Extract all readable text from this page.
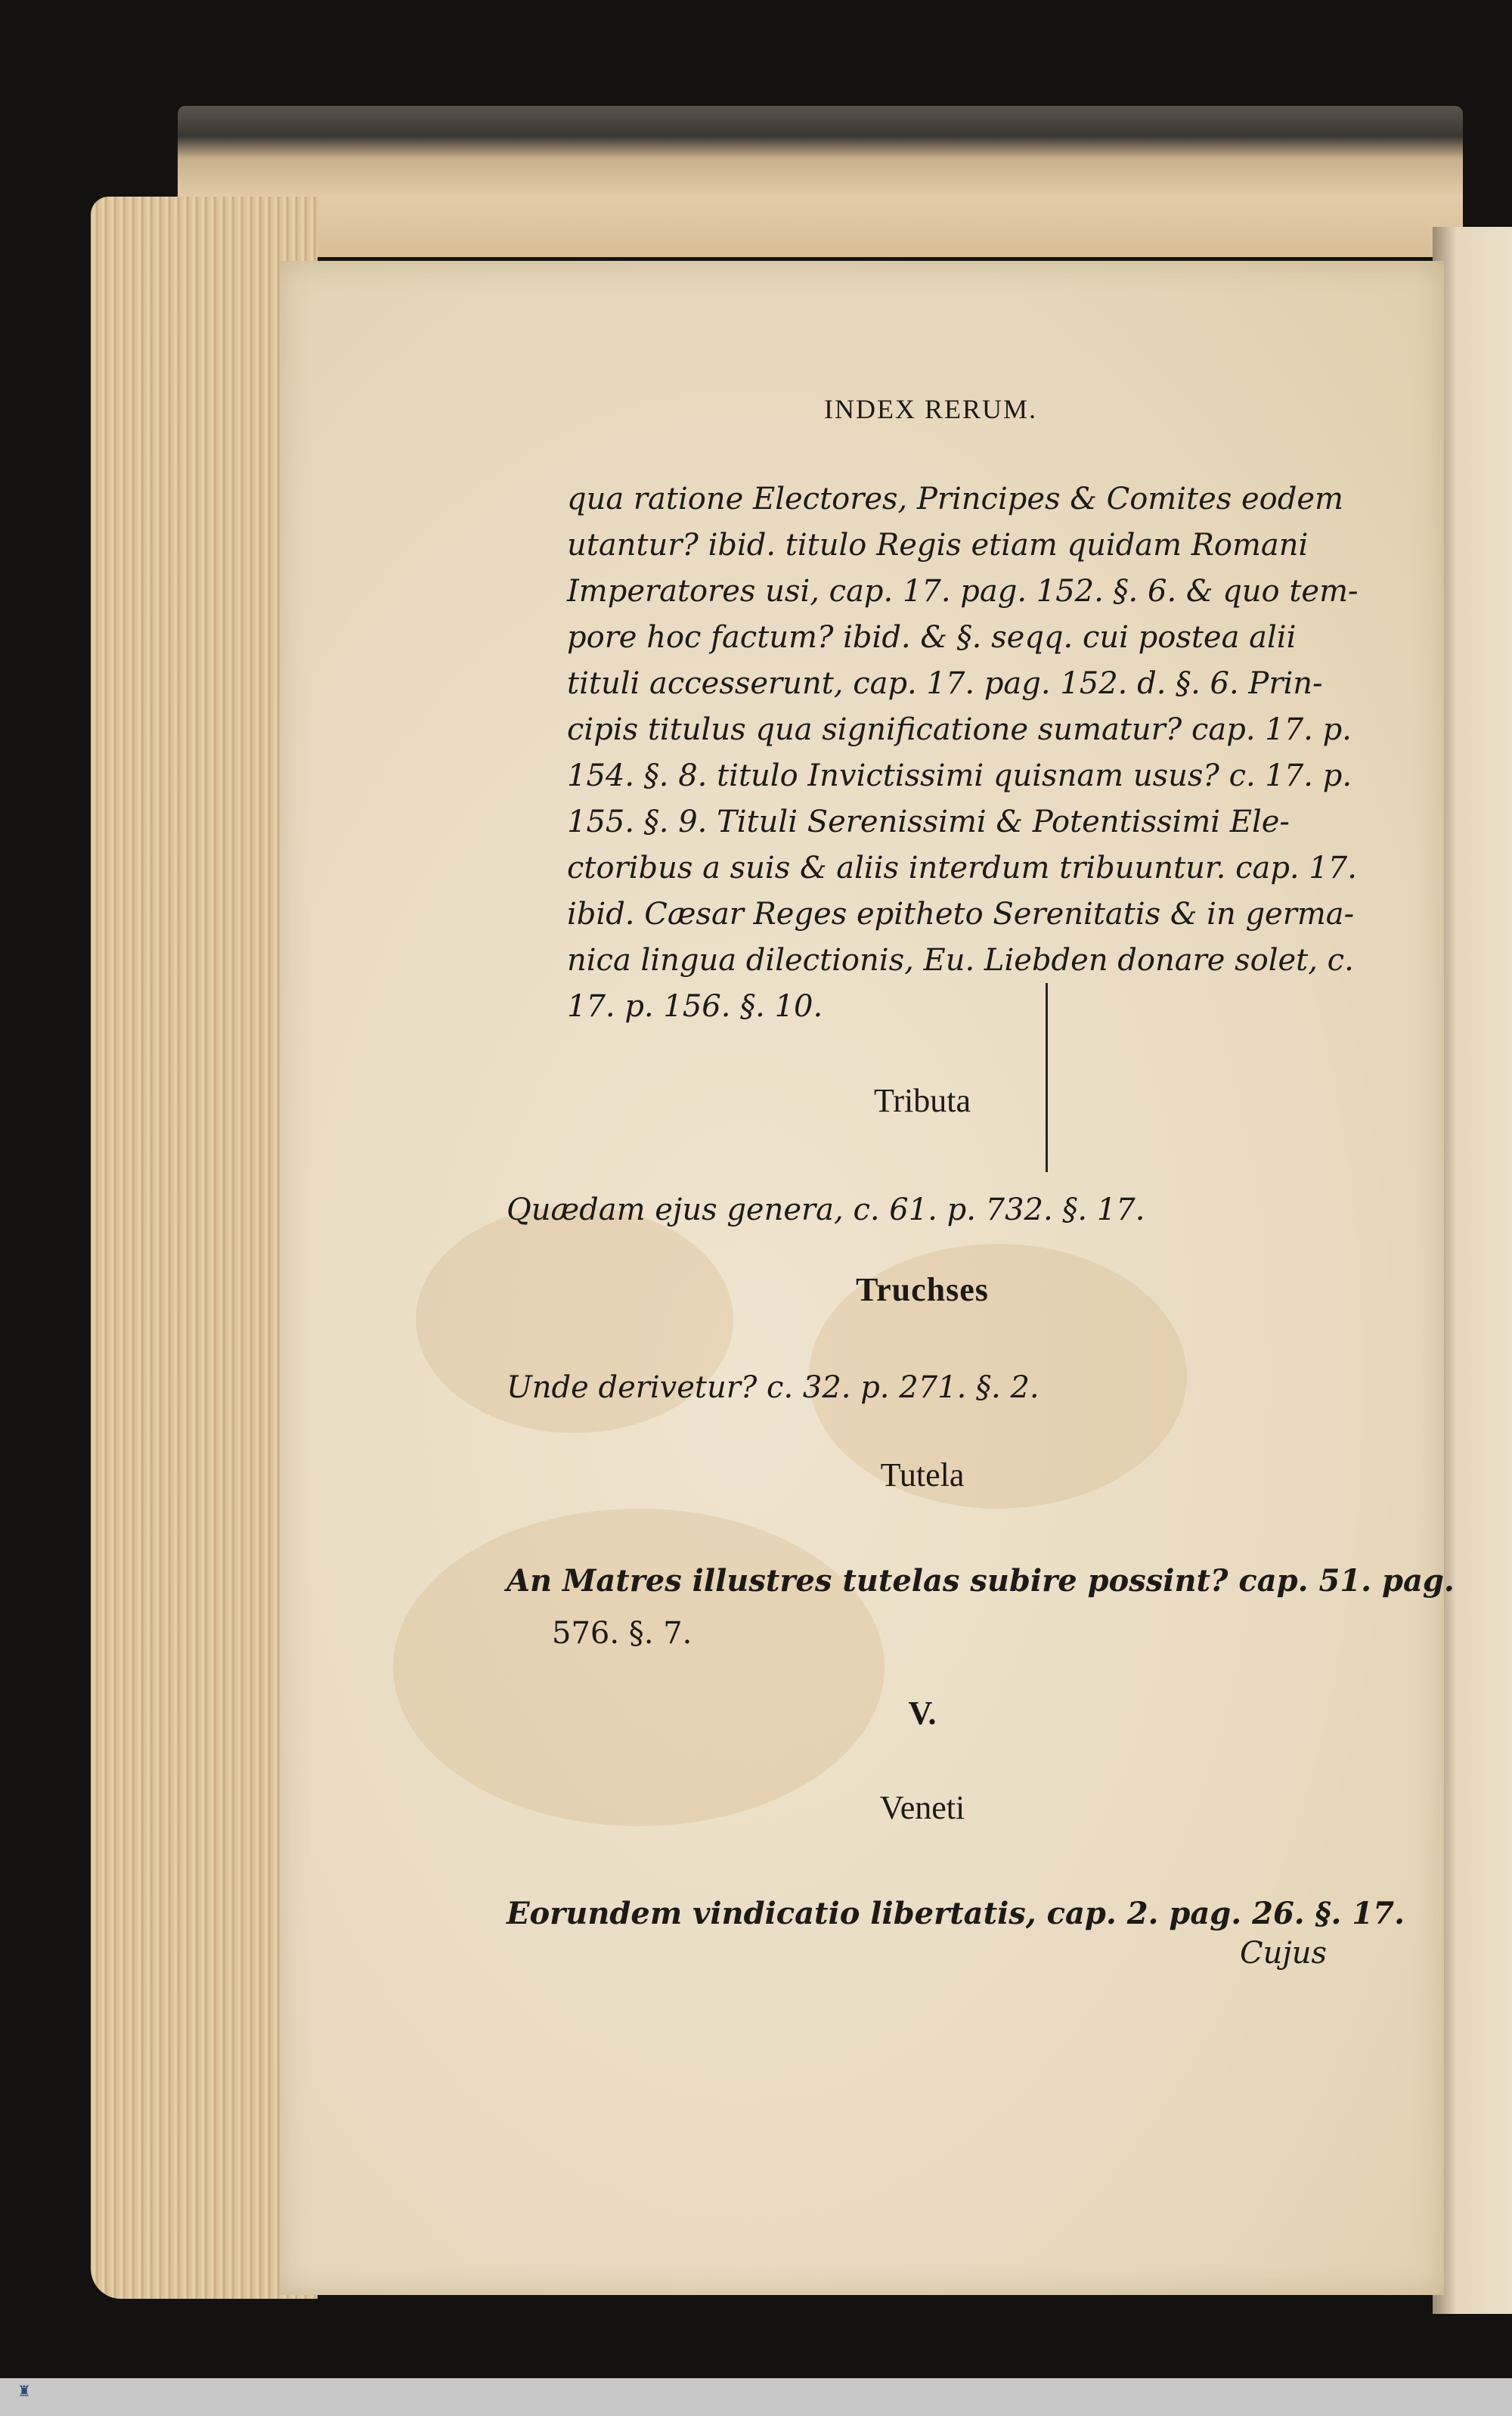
INDEX RERUM.
qua ratione Electores, Principes & Comites eodem
utantur? ibid. titulo Regis etiam quidam Romani
Imperatores usi, cap. 17. pag. 152. §. 6. & quo tem-
pore hoc factum? ibid. & §. seqq. cui postea alii
tituli accesserunt, cap. 17. pag. 152. d. §. 6. Prin-
cipis titulus qua significatione sumatur? cap. 17. p.
154. §. 8. titulo Invictissimi quisnam usus? c. 17. p.
155. §. 9. Tituli Serenissimi & Potentissimi Ele-
ctoribus a suis & aliis interdum tribuuntur. cap. 17.
ibid. Cæsar Reges epitheto Serenitatis & in germa-
nica lingua dilectionis, Eu. Liebden donare solet, c.
17. p. 156. §. 10.
Tributa
Quædam ejus genera, c. 61. p. 732. §. 17.
Truchses
Unde derivetur? c. 32. p. 271. §. 2.
Tutela
An Matres illustres tutelas subire possint? cap. 51. pag.
576. §. 7.
V.
Veneti
Eorundem vindicatio libertatis, cap. 2. pag. 26. §. 17.
Cujus
♜
